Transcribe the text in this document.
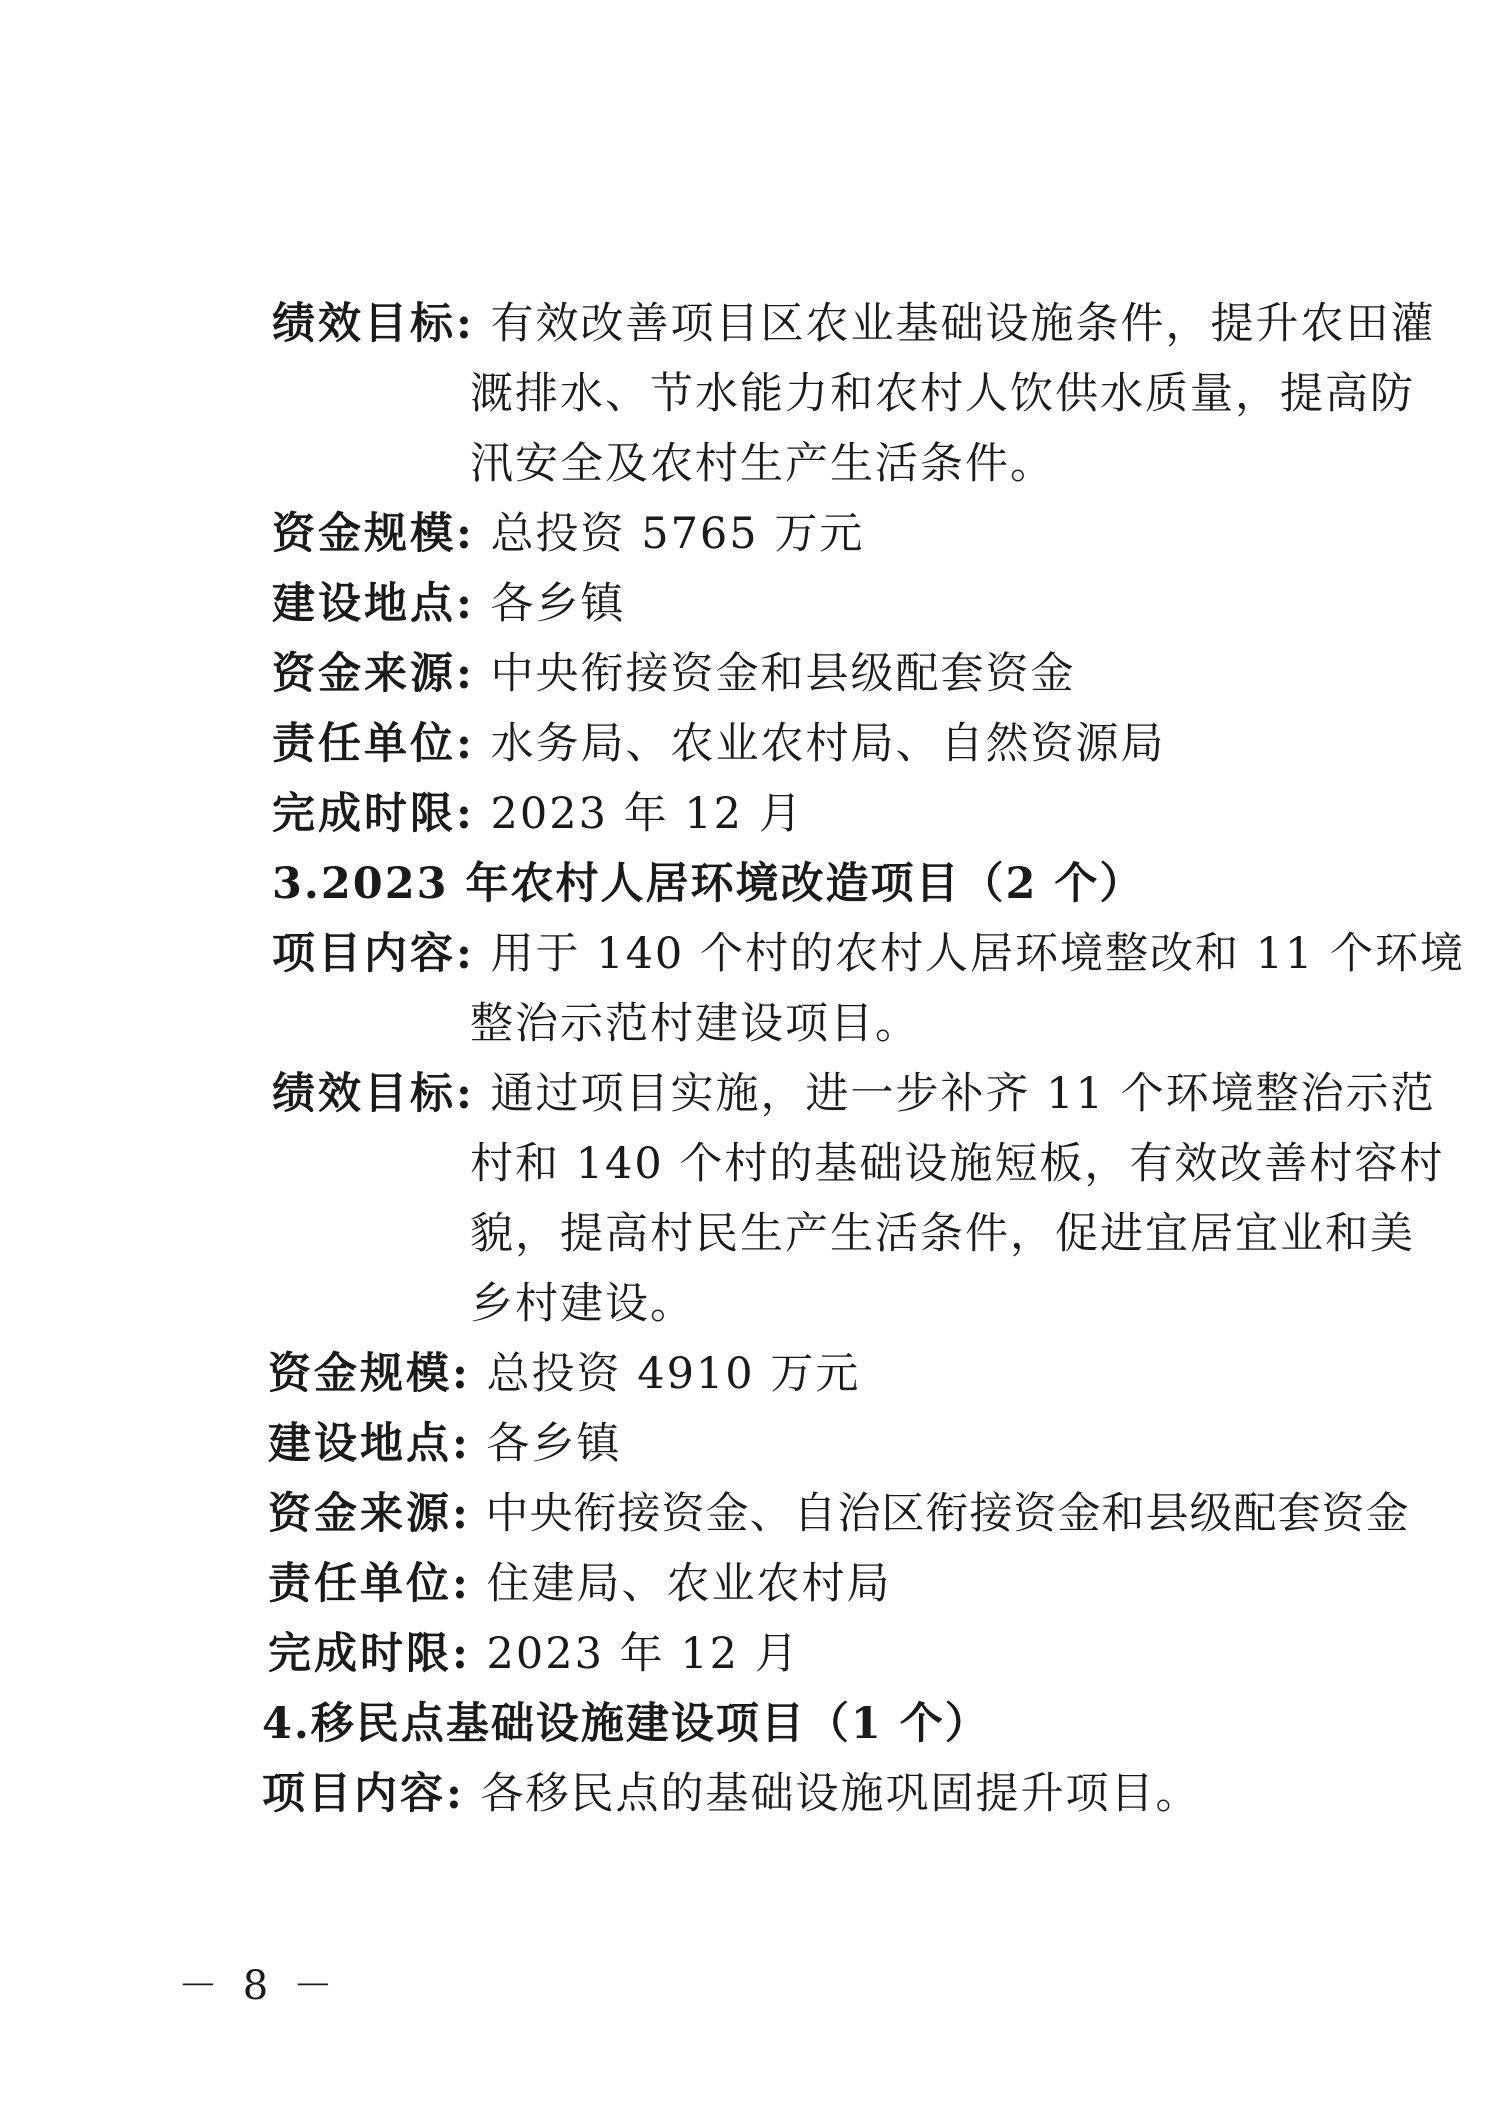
绩效目标: 有效改善项目区农业基础设施条件，提升农田灌
溉排水、节水能力和农村人饮供水质量，提高防
汛安全及农村生产生活条件。
资金规模: 总投资 5765 万元
建设地点: 各乡镇
资金来源: 中央衔接资金和县级配套资金
责任单位: 水务局、农业农村局、自然资源局
完成时限: 2023 年 12 月
3.2023 年农村人居环境改造项目（2 个）
项目内容: 用于 140 个村的农村人居环境整改和 11 个环境
整治示范村建设项目。
绩效目标: 通过项目实施，进一步补齐 11 个环境整治示范
村和 140 个村的基础设施短板，有效改善村容村
貌，提高村民生产生活条件，促进宜居宜业和美
乡村建设。
资金规模: 总投资 4910 万元
建设地点: 各乡镇
资金来源: 中央衔接资金、自治区衔接资金和县级配套资金
责任单位: 住建局、农业农村局
完成时限: 2023 年 12 月
4.移民点基础设施建设项目（1 个）
项目内容: 各移民点的基础设施巩固提升项目。
－ 8 －
